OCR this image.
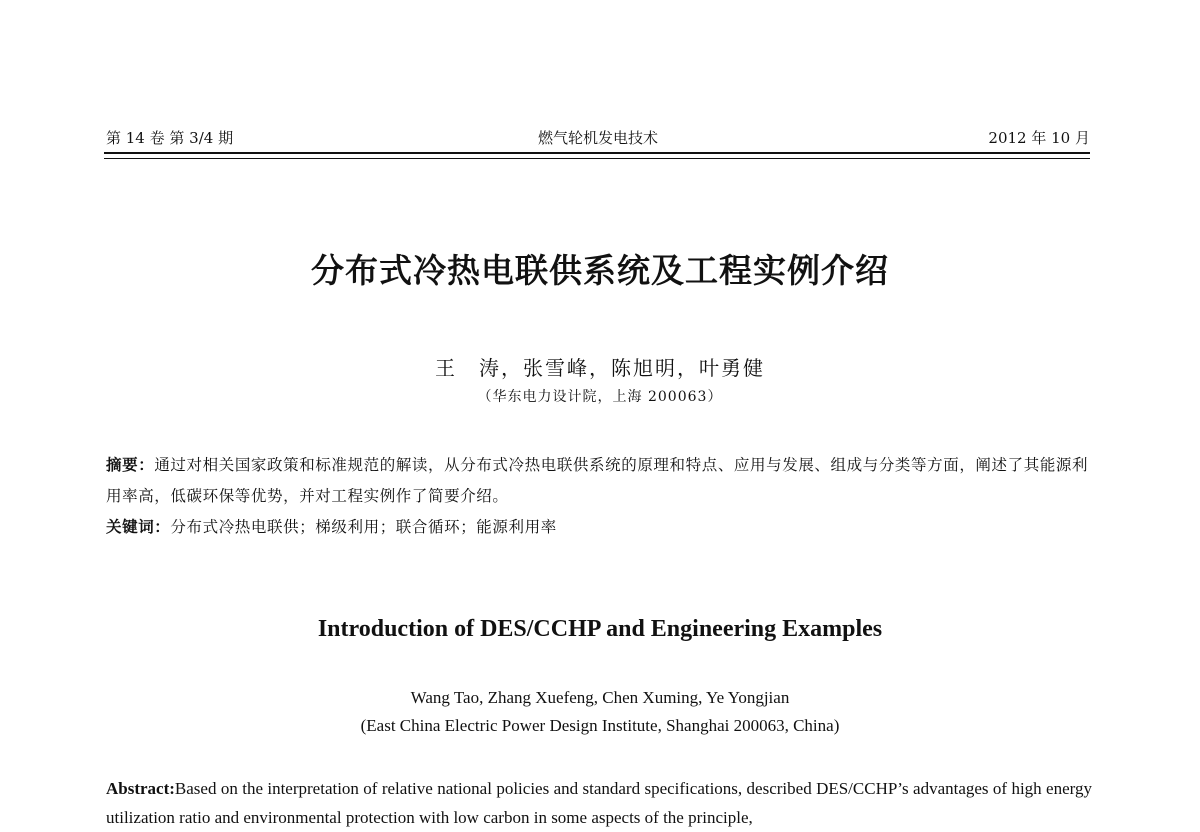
第 14 卷 第 3/4 期	燃气轮机发电技术	2012 年 10 月
分布式冷热电联供系统及工程实例介绍
王　涛，张雪峰，陈旭明，叶勇健
（华东电力设计院，上海 200063）
摘要：通过对相关国家政策和标准规范的解读，从分布式冷热电联供系统的原理和特点、应用与发展、组成与分类等方面，阐述了其能源利用率高，低碳环保等优势，并对工程实例作了简要介绍。
关键词：分布式冷热电联供；梯级利用；联合循环；能源利用率
Introduction of DES/CCHP and Engineering Examples
Wang Tao, Zhang Xuefeng, Chen Xuming, Ye Yongjian
(East China Electric Power Design Institute, Shanghai 200063, China)
Abstract:Based on the interpretation of relative national policies and standard specifications, described DES/CCHP’s advantages of high energy utilization ratio and environmental protection with low carbon in some aspects of the principle,
